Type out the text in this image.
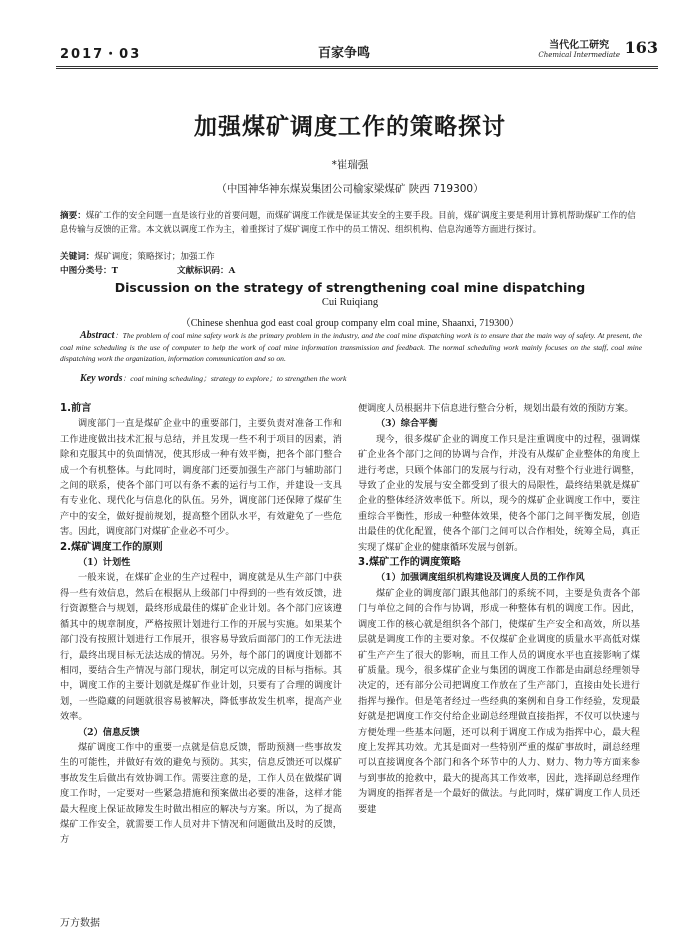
2017・03	百家争鸣
当代化工研究
Chemical Intermediate 163
加强煤矿调度工作的策略探讨
*崔瑞强
（中国神华神东煤炭集团公司榆家梁煤矿 陕西 719300）
摘要：煤矿工作的安全问题一直是该行业的首要问题，而煤矿调度工作就是保证其安全的主要手段。目前，煤矿调度主要是利用计算机帮助煤矿工作的信息传输与反馈的正常。本文就以调度工作为主，着重探讨了煤矿调度工作中的员工情况、组织机构、信息沟通等方面进行探讨。
关键词：煤矿调度；策略探讨；加强工作
中图分类号：T	文献标识码：A
Discussion on the strategy of strengthening coal mine dispatching
Cui Ruiqiang
（Chinese shenhua god east coal group company elm coal mine, Shaanxi, 719300）
Abstract：The problem of coal mine safety work is the primary problem in the industry, and the coal mine dispatching work is to ensure that the main way of safety. At present, the coal mine scheduling is the use of computer to help the work of coal mine information transmission and feedback. The normal scheduling work mainly focuses on the staff, coal mine dispatching work the organization, information communication and so on.
Key words：coal mining scheduling；strategy to explore；to strengthen the work
1.前言

调度部门一直是煤矿企业中的重要部门，主要负责对准备工作和工作进度做出技术汇报与总结，并且发现一些不利于项目的因素，消除和克服其中的负面情况，使其形成一种有效平衡，把各个部门整合成一个有机整体。与此同时，调度部门还要加强生产部门与辅助部门之间的联系，使各个部门可以有条不紊的运行与工作，并建设一支具有专业化、现代化与信息化的队伍。另外，调度部门还保障了煤矿生产中的安全，做好提前规划，提高整个团队水平，有效避免了一些危害。因此，调度部门对煤矿企业必不可少。

2.煤矿调度工作的原则
（1）计划性

一般来说，在煤矿企业的生产过程中，调度就是从生产部门中获得一些有效信息，然后在根据从上级部门中得到的一些有效反馈，进行资源整合与规划，最终形成最佳的煤矿企业计划。各个部门应该遵循其中的规章制度，严格按照计划进行工作的开展与实施。如果某个部门没有按照计划进行工作展开，很容易导致后面部门的工作无法进行，最终出现目标无法达成的情况。另外，每个部门的调度计划都不相同，要结合生产情况与部门现状，制定可以完成的目标与指标。其中，调度工作的主要计划就是煤矿作业计划，只要有了合理的调度计划，一些隐藏的问题就很容易被解决，降低事故发生机率，提高产业效率。

（2）信息反馈

煤矿调度工作中的重要一点就是信息反馈，帮助预测一些事故发生的可能性，并做好有效的避免与预防。其实，信息反馈还可以煤矿事故发生后做出有效协调工作。需要注意的是，工作人员在做煤矿调度工作时，一定要对一些紧急措施和预案做出必要的准备，这样才能最大程度上保证故障发生时做出相应的解决与方案。所以，为了提高煤矿工作安全，就需要工作人员对井下情况和问题做出及时的反馈，方

便调度人员根据井下信息进行整合分析，规划出最有效的预防方案。

（3）综合平衡

现今，很多煤矿企业的调度工作只是注重调度中的过程，强调煤矿企业各个部门之间的协调与合作，并没有从煤矿企业整体的角度上进行考虑，只顾个体部门的发展与行动，没有对整个行业进行调整，导致了企业的发展与安全都受到了很大的局限性，最终结果就是煤矿企业的整体经济效率低下。所以，现今的煤矿企业调度工作中，要注重综合平衡性，形成一种整体效果，使各个部门之间平衡发展，创造出最佳的优化配置，使各个部门之间可以合作相处，统筹全局，真正实现了煤矿企业的健康循环发展与创新。

3.煤矿工作的调度策略
（1）加强调度组织机构建设及调度人员的工作作风

煤矿企业的调度部门跟其他部门的系统不同，主要是负责各个部门与单位之间的合作与协调，形成一种整体有机的调度工作。因此，调度工作的核心就是组织各个部门，使煤矿生产安全和高效，所以基层就是调度工作的主要对象。不仅煤矿企业调度的质量水平高低对煤矿生产产生了很大的影响，而且工作人员的调度水平也直接影响了煤矿质量。现今，很多煤矿企业与集团的调度工作都是由副总经理领导决定的，还有部分公司把调度工作放在了生产部门，直接由处长进行指挥与操作。但是笔者经过一些经典的案例和自身工作经验，发现最好就是把调度工作交付给企业副总经理做直接指挥，不仅可以快速与方便处理一些基本问题，还可以利于调度工作成为指挥中心，最大程度上发挥其功效。尤其是面对一些特别严重的煤矿事故时，副总经理可以直接调度各个部门和各个环节中的人力、财力、物力等方面来参与到事故的抢救中，最大的提高其工作效率，因此，选择副总经理作为调度的指挥者是一个最好的做法。与此同时，煤矿调度工作人员还要建

万方数据
